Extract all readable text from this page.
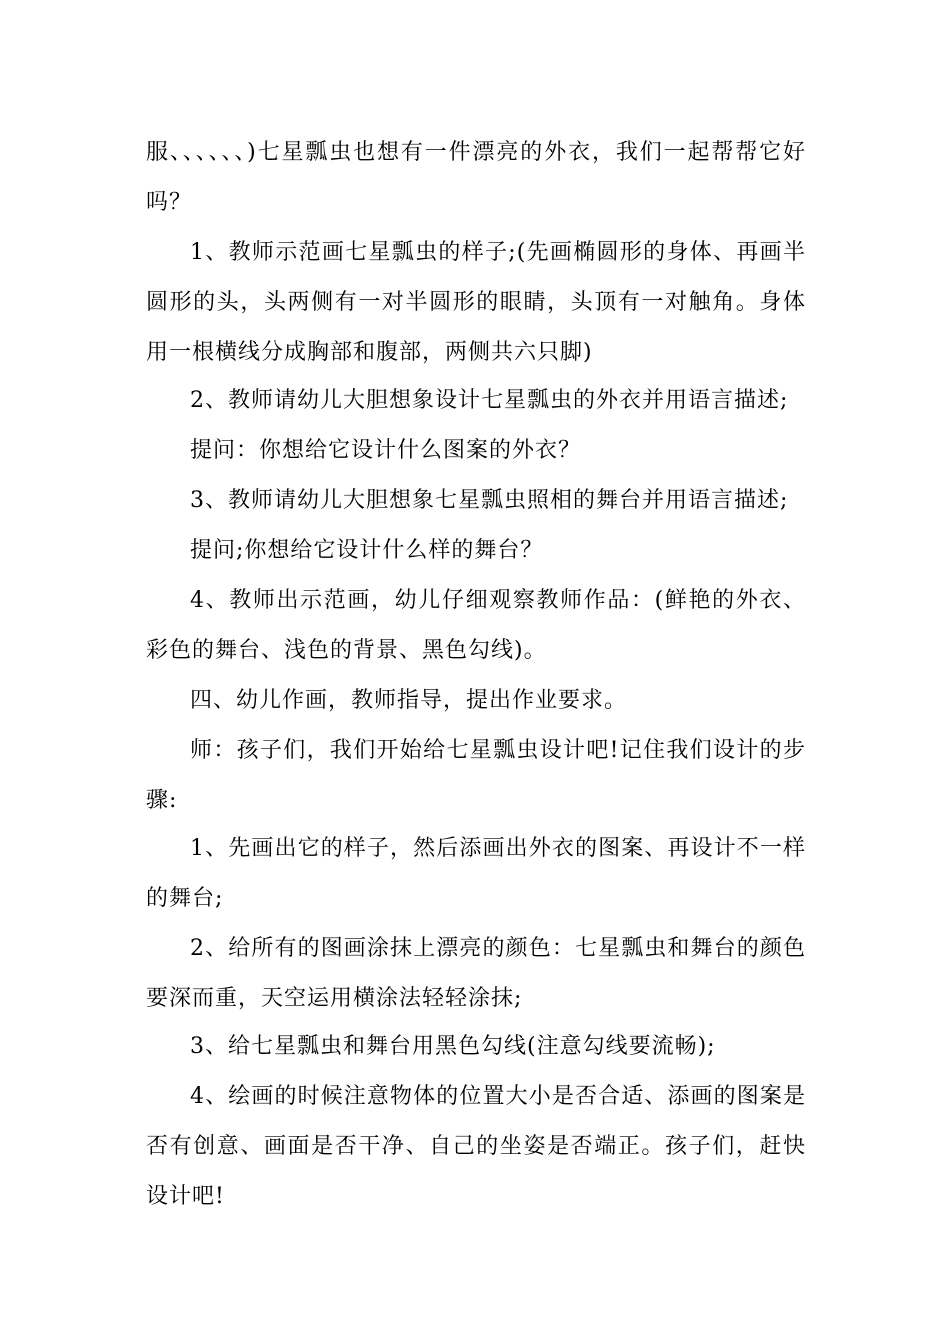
服、、、、、、)七星瓢虫也想有一件漂亮的外衣，我们一起帮帮它好吗？

1、教师示范画七星瓢虫的样子;(先画椭圆形的身体、再画半圆形的头，头两侧有一对半圆形的眼睛，头顶有一对触角。身体用一根横线分成胸部和腹部，两侧共六只脚)

2、教师请幼儿大胆想象设计七星瓢虫的外衣并用语言描述;

提问：你想给它设计什么图案的外衣？

3、教师请幼儿大胆想象七星瓢虫照相的舞台并用语言描述;

提问;你想给它设计什么样的舞台？

4、教师出示范画，幼儿仔细观察教师作品：(鲜艳的外衣、彩色的舞台、浅色的背景、黑色勾线)。

四、幼儿作画，教师指导，提出作业要求。

师：孩子们，我们开始给七星瓢虫设计吧!记住我们设计的步骤:

1、先画出它的样子，然后添画出外衣的图案、再设计不一样的舞台;

2、给所有的图画涂抹上漂亮的颜色：七星瓢虫和舞台的颜色要深而重，天空运用横涂法轻轻涂抹;

3、给七星瓢虫和舞台用黑色勾线(注意勾线要流畅);

4、绘画的时候注意物体的位置大小是否合适、添画的图案是否有创意、画面是否干净、自己的坐姿是否端正。孩子们，赶快设计吧!
